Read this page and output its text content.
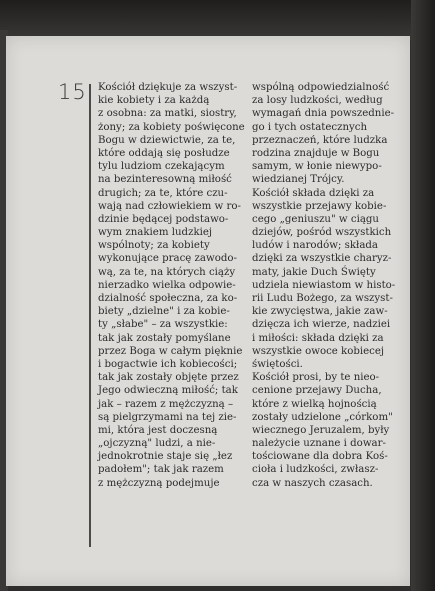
15 Kościół dziękuje za wszyst-
kie kobiety i za każdą
z osobna: za matki, siostry,
żony; za kobiety poświęcone
Bogu w dziewictwie, za te,
które oddają się posłudze
tylu ludziom czekającym
na bezinteresowną miłość
drugich; za te, które czu-
wają nad człowiekiem w ro-
dzinie będącej podstawo-
wym znakiem ludzkiej
wspólnoty; za kobiety
wykonujące pracę zawodo-
wą, za te, na których ciąży
nierzadko wielka odpowie-
dzialność społeczna, za ko-
biety „dzielne" i za kobie-
ty „słabe" – za wszystkie:
tak jak zostały pomyślane
przez Boga w całym pięknie
i bogactwie ich kobiecości;
tak jak zostały objęte przez
Jego odwieczną miłość; tak
jak – razem z mężczyzną –
są pielgrzymami na tej zie-
mi, która jest doczesną
„ojczyzną" ludzi, a nie-
jednokrotnie staje się „łez
padołem"; tak jak razem
z mężczyzną podejmuje
wspólną odpowiedzialność
za losy ludzkości, według
wymagań dnia powszedniе-
go i tych ostatecznych
przeznaczeń, które ludzka
rodzina znajduje w Bogu
samym, w łonie niewypo-
wiedzianej Trójcy.
Kościół składa dzięki za
wszystkie przejawy kobie-
cego „geniuszu" w ciągu
dziejów, pośród wszystkich
ludów i narodów; składa
dzięki za wszystkie charyz-
maty, jakie Duch Święty
udziela niewiastom w histo-
rii Ludu Bożego, za wszyst-
kie zwycięstwa, jakie zaw-
dzięcza ich wierze, nadziei
i miłości: składa dzięki za
wszystkie owoce kobiecej
świętości.
Kościół prosi, by te nieo-
cenione przejawy Ducha,
które z wielką hojnością
zostały udzielone „córkom"
wiecznego Jeruzalem, były
należycie uznane i dowar-
tościowane dla dobra Koś-
cioła i ludzkości, zwłasz-
cza w naszych czasach.
